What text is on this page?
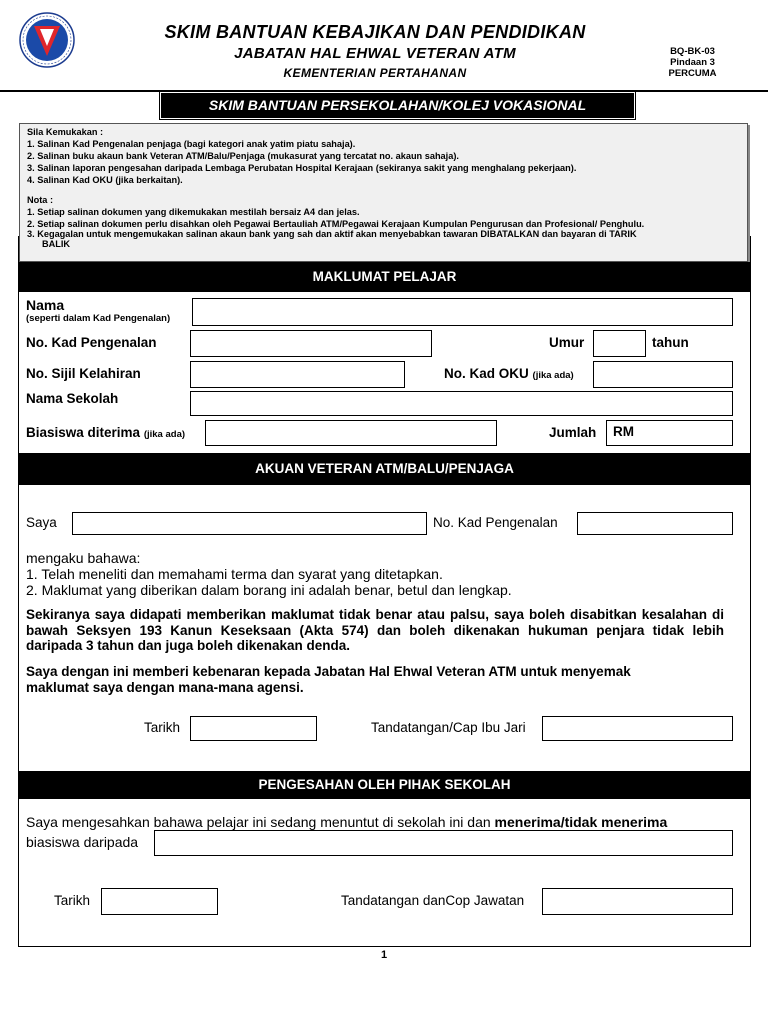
SKIM BANTUAN KEBAJIKAN DAN PENDIDIKAN
JABATAN HAL EHWAL VETERAN ATM
KEMENTERIAN PERTAHANAN
BQ-BK-03
Pindaan 3
PERCUMA
SKIM BANTUAN PERSEKOLAHAN/KOLEJ VOKASIONAL
Sila Kemukakan :
1. Salinan Kad Pengenalan penjaga (bagi kategori anak yatim piatu sahaja).
2. Salinan buku akaun bank Veteran ATM/Balu/Penjaga (mukasurat yang tercatat no. akaun sahaja).
3. Salinan laporan pengesahan daripada Lembaga Perubatan Hospital Kerajaan (sekiranya sakit yang menghalang pekerjaan).
4. Salinan Kad OKU (jika berkaitan).
Nota :
1. Setiap salinan dokumen yang dikemukakan mestilah bersaiz A4 dan jelas.
2. Setiap salinan dokumen perlu disahkan oleh Pegawai Bertauliah ATM/Pegawai Kerajaan Kumpulan Pengurusan dan Profesional/ Penghulu.
3. Kegagalan untuk mengemukakan salinan akaun bank yang sah dan aktif akan menyebabkan tawaran DIBATALKAN dan bayaran di TARIK
BALIK
MAKLUMAT PELAJAR
Nama
(seperti dalam Kad Pengenalan)
No. Kad Pengenalan	Umur	tahun
No. Sijil Kelahiran	No. Kad OKU (jika ada)
Nama Sekolah
Biasiswa diterima (jika ada)	Jumlah RM
AKUAN VETERAN ATM/BALU/PENJAGA
Saya	No. Kad Pengenalan
mengaku bahawa:
1. Telah meneliti dan memahami terma dan syarat yang ditetapkan.
2. Maklumat yang diberikan dalam borang ini adalah benar, betul dan lengkap.
Sekiranya saya didapati memberikan maklumat tidak benar atau palsu, saya boleh disabitkan kesalahan di bawah Seksyen 193 Kanun Keseksaan (Akta 574) dan boleh dikenakan hukuman penjara tidak lebih daripada 3 tahun dan juga boleh dikenakan denda.
Saya dengan ini memberi kebenaran kepada Jabatan Hal Ehwal Veteran ATM untuk menyemak maklumat saya dengan mana-mana agensi.
Tarikh	Tandatangan/Cap Ibu Jari
PENGESAHAN OLEH PIHAK SEKOLAH
Saya mengesahkan bahawa pelajar ini sedang menuntut di sekolah ini dan menerima/tidak menerima
biasiswa daripada
Tarikh	Tandatangan danCop Jawatan
1
